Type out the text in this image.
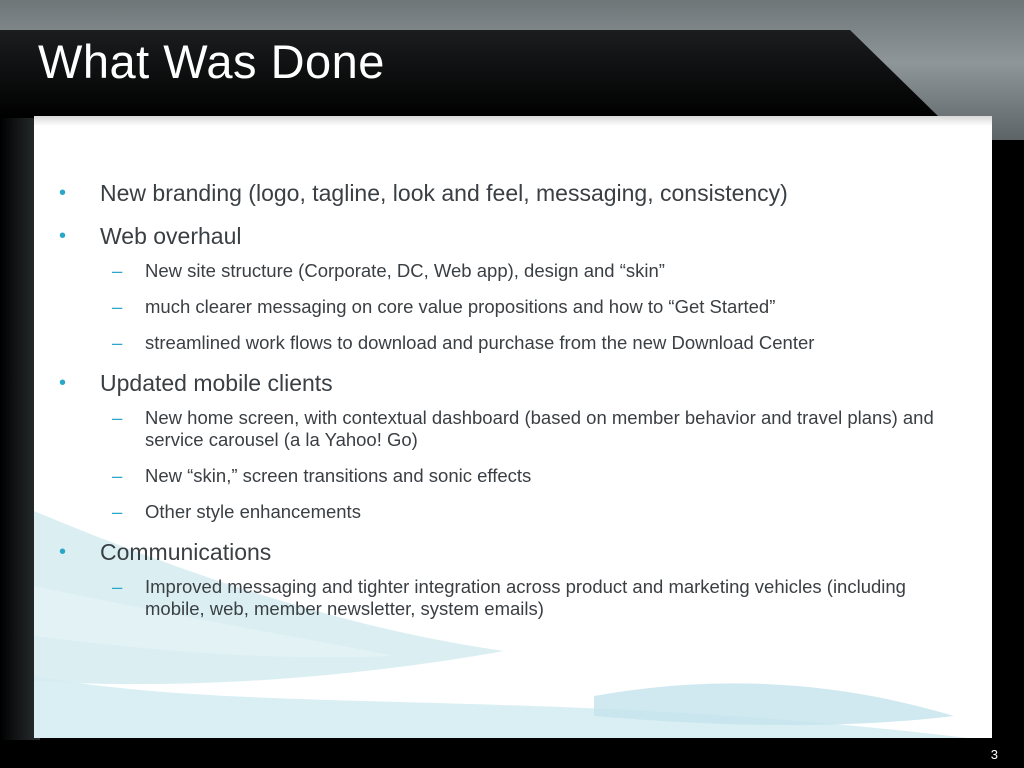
What Was Done
• New branding (logo, tagline, look and feel, messaging, consistency)
• Web overhaul
– New site structure (Corporate, DC, Web app), design and “skin”
– much clearer messaging on core value propositions and how to “Get Started”
– streamlined work flows to download and purchase from the new Download Center
• Updated mobile clients
– New home screen, with contextual dashboard (based on member behavior and travel plans) and service carousel (a la Yahoo! Go)
– New “skin,” screen transitions and sonic effects
– Other style enhancements
• Communications
– Improved messaging and tighter integration across product and marketing vehicles (including mobile, web, member newsletter, system emails)
3
